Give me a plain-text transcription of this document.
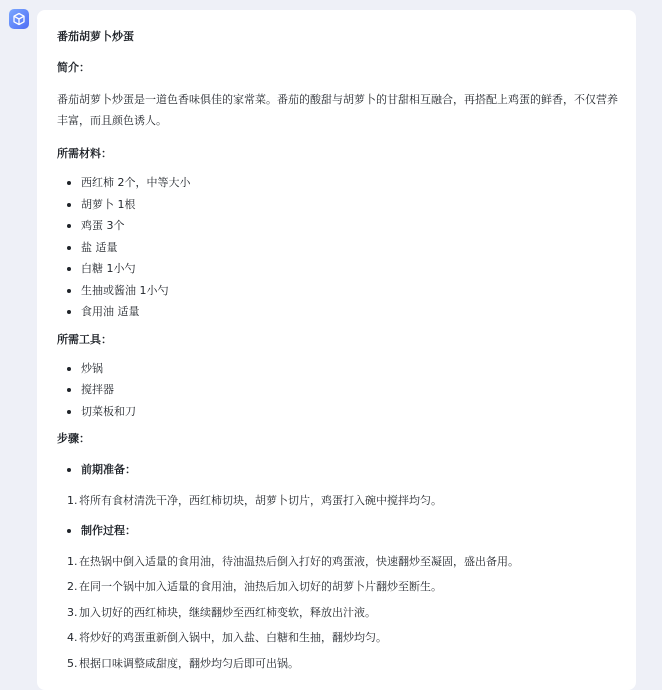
番茄胡萝卜炒蛋

简介：

番茄胡萝卜炒蛋是一道色香味俱佳的家常菜。番茄的酸甜与胡萝卜的甘甜相互融合，再搭配上鸡蛋的鲜香，不仅营养丰富，而且颜色诱人。

所需材料：

西红柿 2个，中等大小
胡萝卜 1根
鸡蛋 3个
盐 适量
白糖 1小勺
生抽或酱油 1小勺
食用油 适量

所需工具：

炒锅
搅拌器
切菜板和刀

步骤：

前期准备：

1. 将所有食材清洗干净，西红柿切块，胡萝卜切片，鸡蛋打入碗中搅拌均匀。

制作过程：

1. 在热锅中倒入适量的食用油，待油温热后倒入打好的鸡蛋液，快速翻炒至凝固，盛出备用。
2. 在同一个锅中加入适量的食用油，油热后加入切好的胡萝卜片翻炒至断生。
3. 加入切好的西红柿块，继续翻炒至西红柿变软，释放出汁液。
4. 将炒好的鸡蛋重新倒入锅中，加入盐、白糖和生抽，翻炒均匀。
5. 根据口味调整咸甜度，翻炒均匀后即可出锅。
